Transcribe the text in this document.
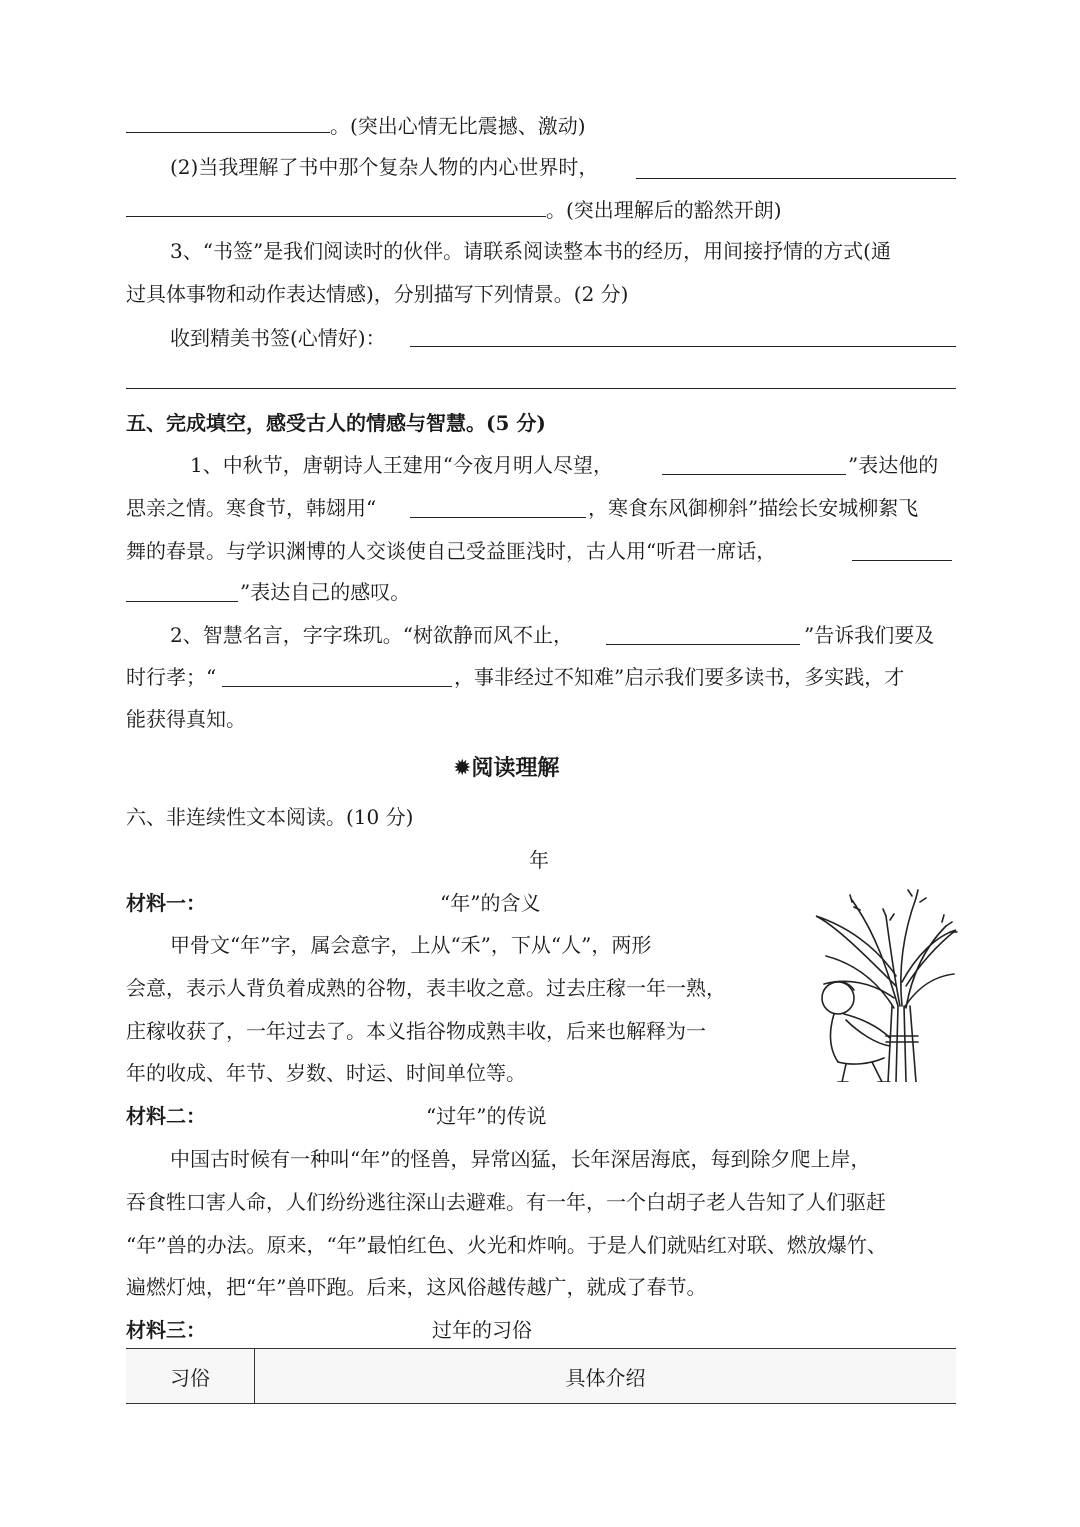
。(突出心情无比震撼、激动)
(2)当我理解了书中那个复杂人物的内心世界时，
。(突出理解后的豁然开朗)
3、“书签”是我们阅读时的伙伴。请联系阅读整本书的经历，用间接抒情的方式(通
过具体事物和动作表达情感)，分别描写下列情景。(2 分)
收到精美书签(心情好)：
五、完成填空，感受古人的情感与智慧。(5 分)
1、中秋节，唐朝诗人王建用“今夜月明人尽望，	”表达他的
思亲之情。寒食节，韩翃用“	，寒食东风御柳斜”描绘长安城柳絮飞
舞的春景。与学识渊博的人交谈使自己受益匪浅时，古人用“听君一席话，
”表达自己的感叹。
2、智慧名言，字字珠玑。“树欲静而风不止，	”告诉我们要及
时行孝；“	，事非经过不知难”启示我们要多读书，多实践，才
能获得真知。
✹阅读理解
六、非连续性文本阅读。(10 分)
年
材料一：	“年”的含义
甲骨文“年”字，属会意字，上从“禾”，下从“人”，两形
会意，表示人背负着成熟的谷物，表丰收之意。过去庄稼一年一熟，
庄稼收获了，一年过去了。本义指谷物成熟丰收，后来也解释为一
年的收成、年节、岁数、时运、时间单位等。
材料二：	“过年”的传说
中国古时候有一种叫“年”的怪兽，异常凶猛，长年深居海底，每到除夕爬上岸，
吞食牲口害人命，人们纷纷逃往深山去避难。有一年，一个白胡子老人告知了人们驱赶
“年”兽的办法。原来，“年”最怕红色、火光和炸响。于是人们就贴红对联、燃放爆竹、
遍燃灯烛，把“年”兽吓跑。后来，这风俗越传越广，就成了春节。
材料三：	过年的习俗
习俗	具体介绍
